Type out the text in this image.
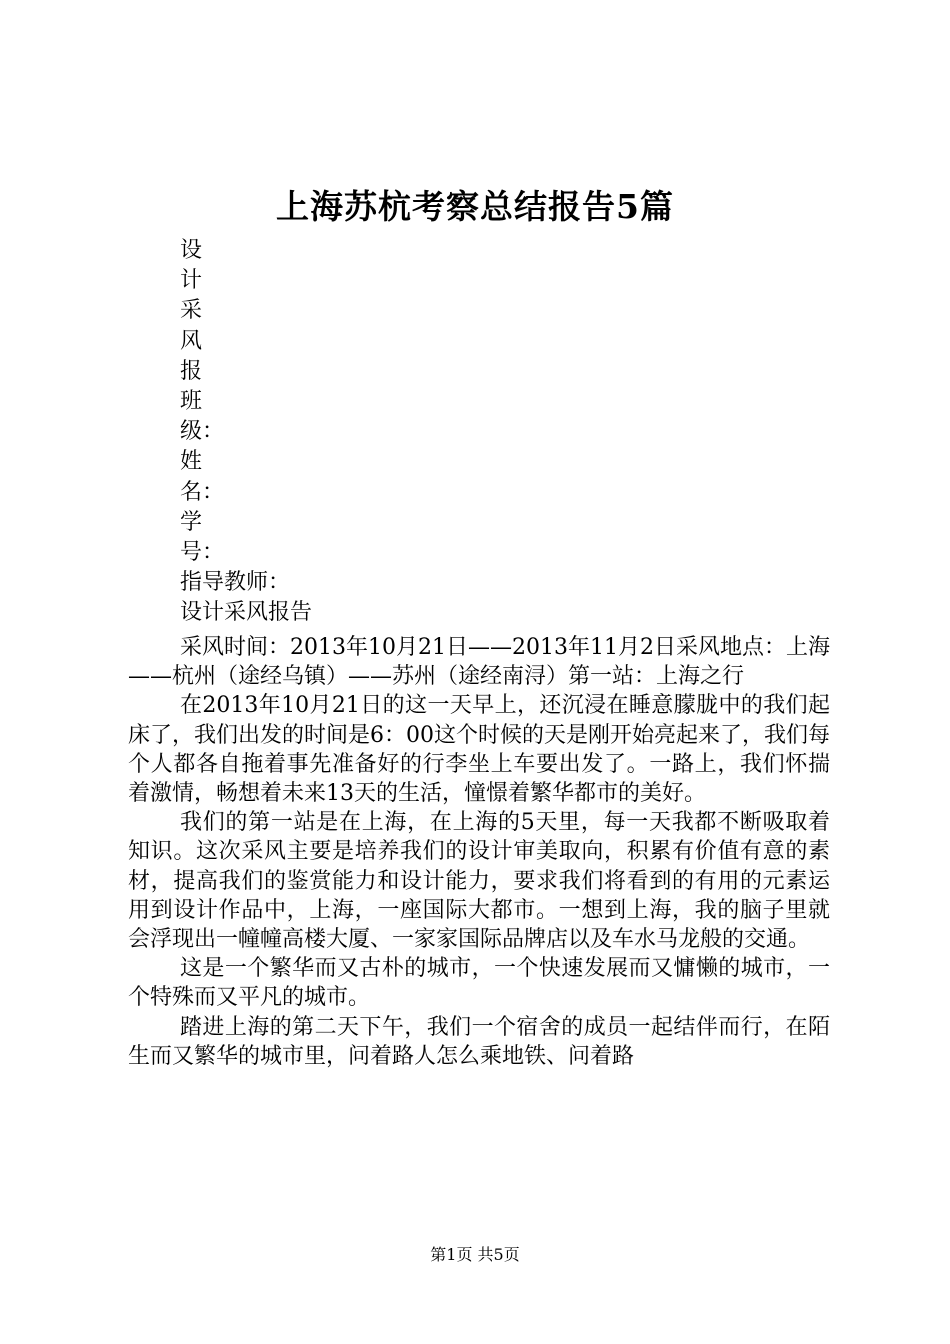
上海苏杭考察总结报告5篇
设
计
采
风
报
班
级：
姓
名：
学
号：
指导教师：
设计采风报告

采风时间：2013年10月21日——2013年11月2日采风地点：上海——杭州（途经乌镇）——苏州（途经南浔）第一站：上海之行

在2013年10月21日的这一天早上，还沉浸在睡意朦胧中的我们起床了，我们出发的时间是6：00这个时候的天是刚开始亮起来了，我们每个人都各自拖着事先准备好的行李坐上车要出发了。一路上，我们怀揣着激情，畅想着未来13天的生活，憧憬着繁华都市的美好。

我们的第一站是在上海，在上海的5天里，每一天我都不断吸取着知识。这次采风主要是培养我们的设计审美取向，积累有价值有意的素材，提高我们的鉴赏能力和设计能力，要求我们将看到的有用的元素运用到设计作品中，上海，一座国际大都市。一想到上海，我的脑子里就会浮现出一幢幢高楼大厦、一家家国际品牌店以及车水马龙般的交通。

这是一个繁华而又古朴的城市，一个快速发展而又慵懒的城市，一个特殊而又平凡的城市。

踏进上海的第二天下午，我们一个宿舍的成员一起结伴而行，在陌生而又繁华的城市里，问着路人怎么乘地铁、问着路

第1页 共5页
